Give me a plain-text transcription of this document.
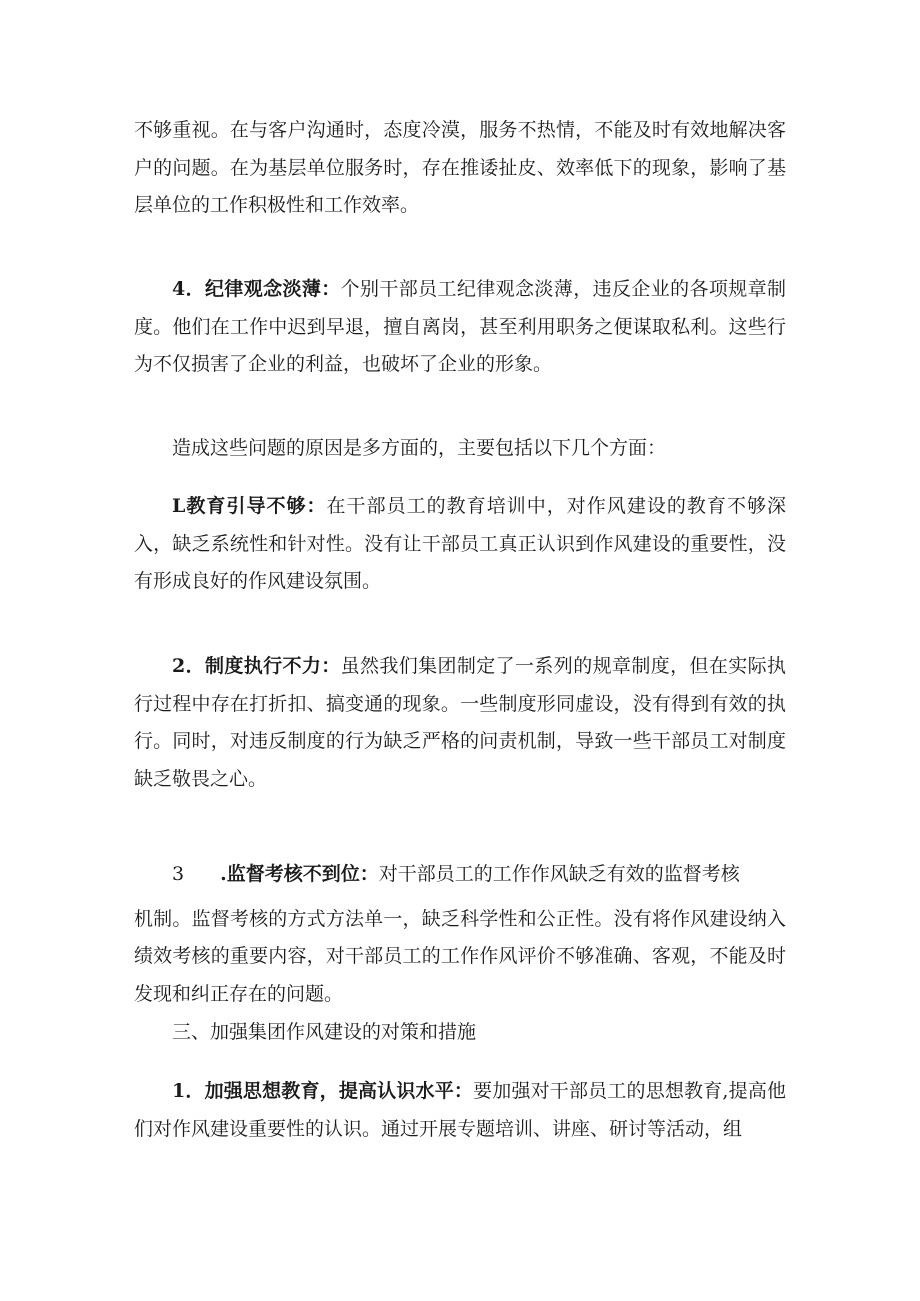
不够重视。在与客户沟通时，态度冷漠，服务不热情，不能及时有效地解决客户的问题。在为基层单位服务时，存在推诿扯皮、效率低下的现象，影响了基层单位的工作积极性和工作效率。

4．纪律观念淡薄：个别干部员工纪律观念淡薄，违反企业的各项规章制度。他们在工作中迟到早退，擅自离岗，甚至利用职务之便谋取私利。这些行为不仅损害了企业的利益，也破坏了企业的形象。

造成这些问题的原因是多方面的，主要包括以下几个方面：

L教育引导不够：在干部员工的教育培训中，对作风建设的教育不够深入，缺乏系统性和针对性。没有让干部员工真正认识到作风建设的重要性，没有形成良好的作风建设氛围。

2．制度执行不力：虽然我们集团制定了一系列的规章制度，但在实际执行过程中存在打折扣、搞变通的现象。一些制度形同虚设，没有得到有效的执行。同时，对违反制度的行为缺乏严格的问责机制，导致一些干部员工对制度缺乏敬畏之心。

3 .监督考核不到位：对干部员工的工作作风缺乏有效的监督考核
机制。监督考核的方式方法单一，缺乏科学性和公正性。没有将作风建设纳入绩效考核的重要内容，对干部员工的工作作风评价不够准确、客观，不能及时发现和纠正存在的问题。

三、加强集团作风建设的对策和措施

1．加强思想教育，提高认识水平：要加强对干部员工的思想教育,提高他们对作风建设重要性的认识。通过开展专题培训、讲座、研讨等活动，组
